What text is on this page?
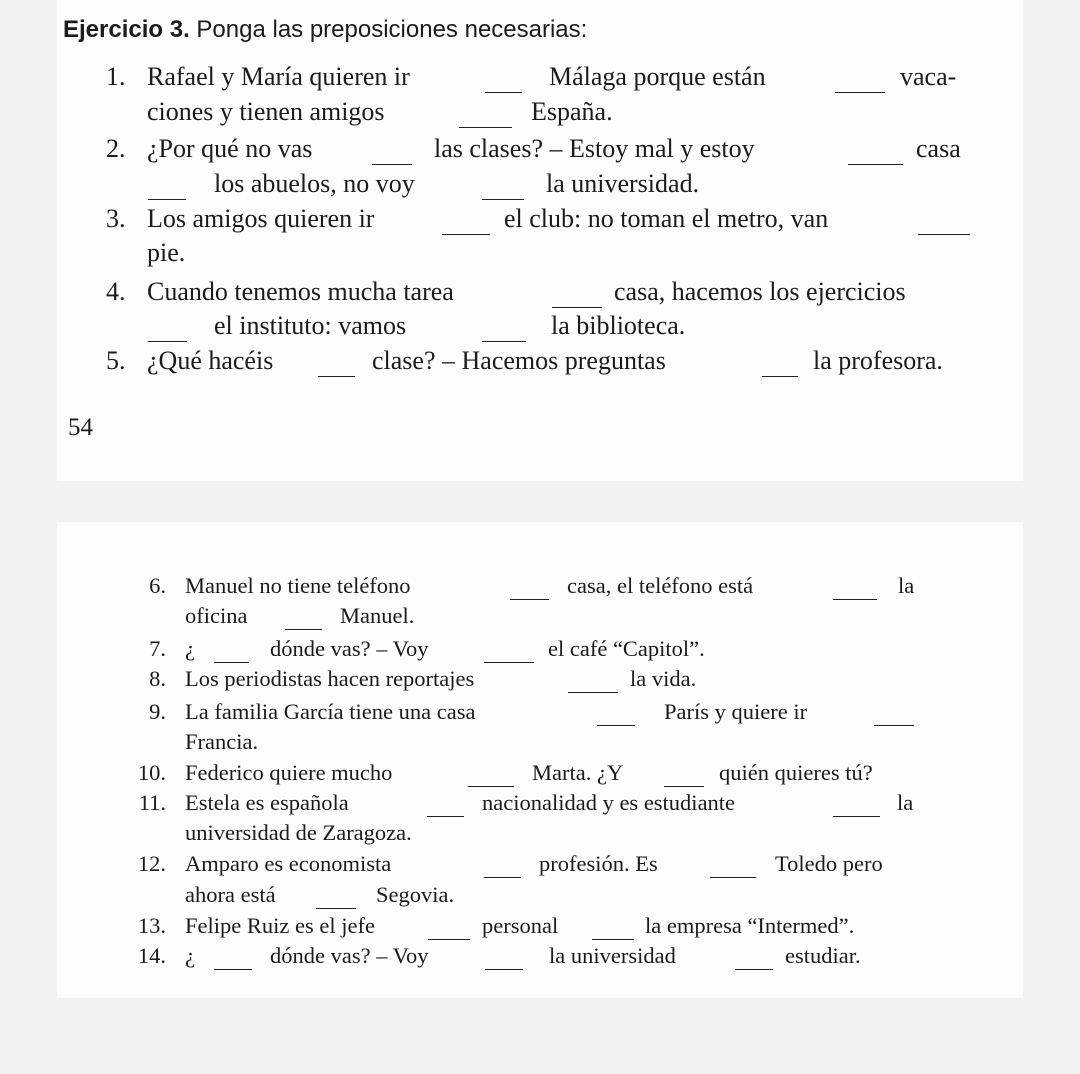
Ejercicio 3. Ponga las preposiciones necesarias:
1. Rafael y María quieren ir	Málaga porque están	vaca-
ciones y tienen amigos	España.
2. ¿Por qué no vas	las clases? – Estoy mal y estoy	casa
los abuelos, no voy	la universidad.
3. Los amigos quieren ir	el club: no toman el metro, van
pie.
4. Cuando tenemos mucha tarea	casa, hacemos los ejercicios
el instituto: vamos	la biblioteca.
5. ¿Qué hacéis	clase? – Hacemos preguntas	la profesora.
54
6. Manuel no tiene teléfono	casa, el teléfono está	la
oficina	Manuel.
7. ¿	dónde vas? – Voy	el café “Capitol”.
8. Los periodistas hacen reportajes	la vida.
9. La familia García tiene una casa	París y quiere ir
Francia.
10. Federico quiere mucho	Marta. ¿Y	quién quieres tú?
11. Estela es española	nacionalidad y es estudiante	la
universidad de Zaragoza.
12. Amparo es economista	profesión. Es	Toledo pero
ahora está	Segovia.
13. Felipe Ruiz es el jefe	personal	la empresa “Intermed”.
14. ¿	dónde vas? – Voy	la universidad	estudiar.
